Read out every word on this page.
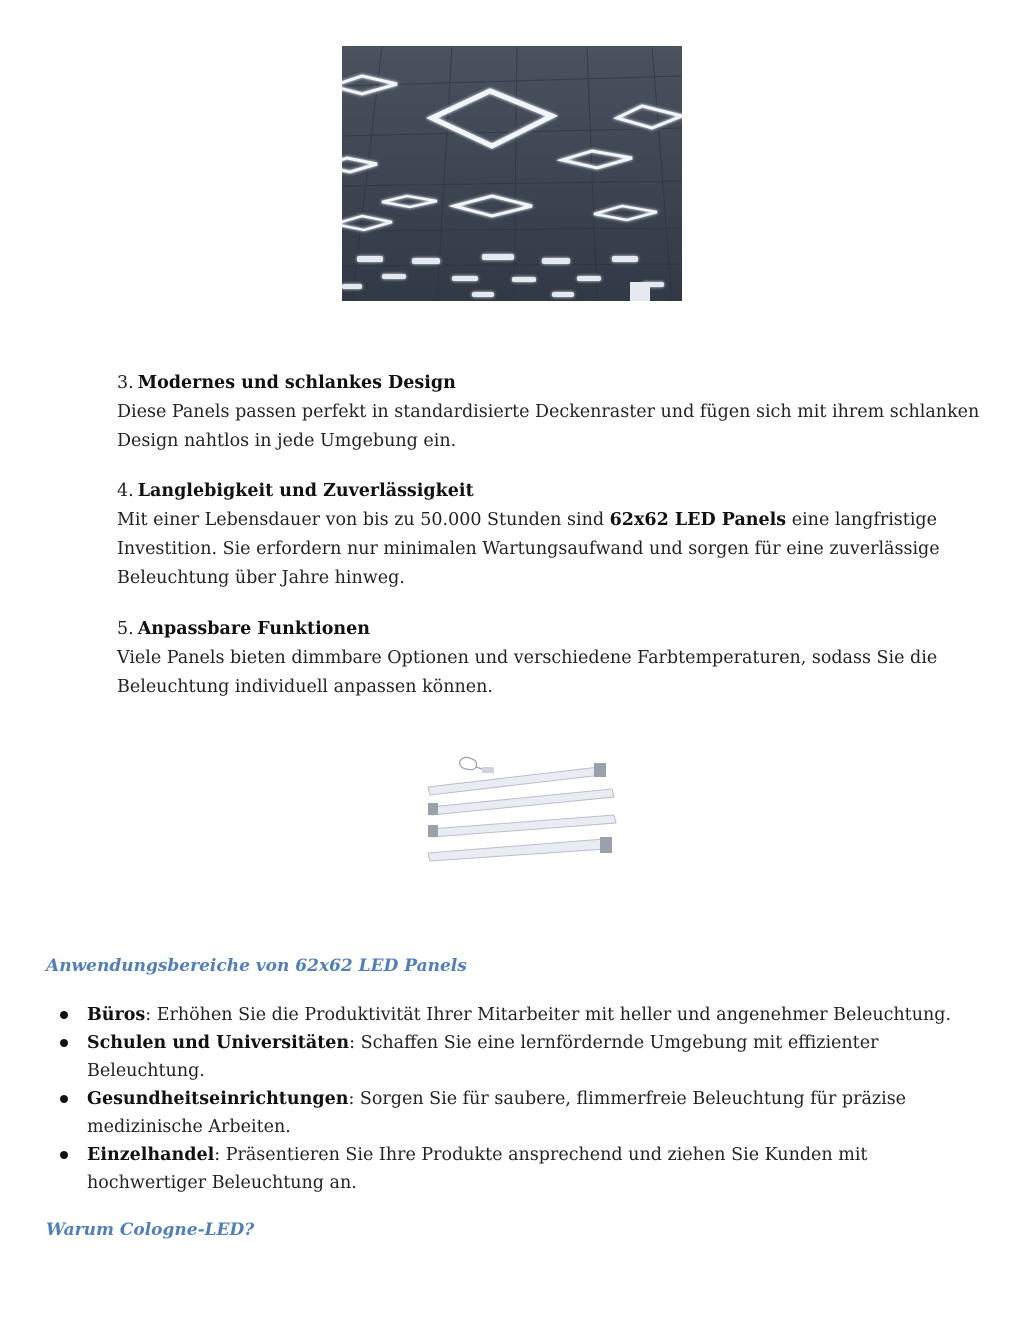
3. Modernes und schlankes Design
Diese Panels passen perfekt in standardisierte Deckenraster und fügen sich mit ihrem schlanken Design nahtlos in jede Umgebung ein.
4. Langlebigkeit und Zuverlässigkeit
Mit einer Lebensdauer von bis zu 50.000 Stunden sind 62x62 LED Panels eine langfristige Investition. Sie erfordern nur minimalen Wartungsaufwand und sorgen für eine zuverlässige Beleuchtung über Jahre hinweg.
5. Anpassbare Funktionen
Viele Panels bieten dimmbare Optionen und verschiedene Farbtemperaturen, sodass Sie die Beleuchtung individuell anpassen können.
Anwendungsbereiche von 62x62 LED Panels
Büros: Erhöhen Sie die Produktivität Ihrer Mitarbeiter mit heller und angenehmer Beleuchtung.
Schulen und Universitäten: Schaffen Sie eine lernfördernde Umgebung mit effizienter Beleuchtung.
Gesundheitseinrichtungen: Sorgen Sie für saubere, flimmerfreie Beleuchtung für präzise medizinische Arbeiten.
Einzelhandel: Präsentieren Sie Ihre Produkte ansprechend und ziehen Sie Kunden mit hochwertiger Beleuchtung an.
Warum Cologne-LED?
